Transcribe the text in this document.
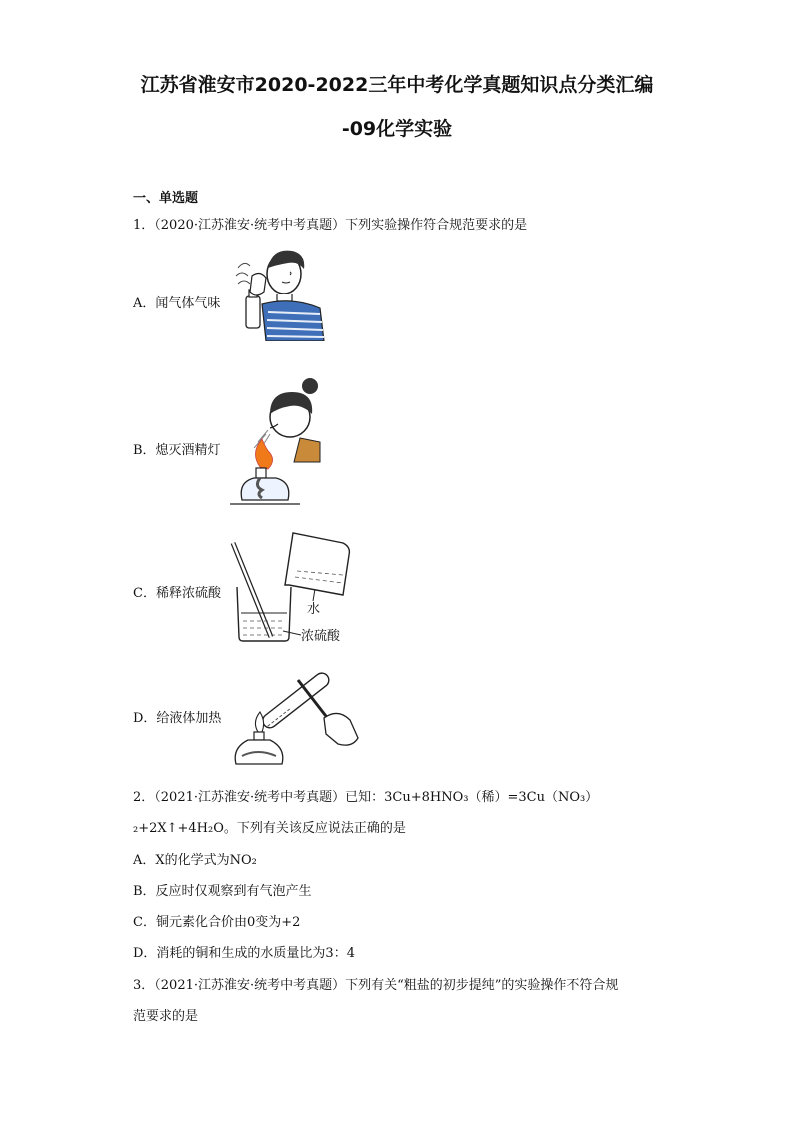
江苏省淮安市2020-2022三年中考化学真题知识点分类汇编
-09化学实验
一、单选题
1．（2020·江苏淮安·统考中考真题）下列实验操作符合规范要求的是
A．闻气体气味
B．熄灭酒精灯
C．稀释浓硫酸
水
浓硫酸
D．给液体加热
2．（2021·江苏淮安·统考中考真题）已知：3Cu+8HNO₃（稀）=3Cu（NO₃）
₂+2X↑+4H₂O。下列有关该反应说法正确的是
A．X的化学式为NO₂
B．反应时仅观察到有气泡产生
C．铜元素化合价由0变为+2
D．消耗的铜和生成的水质量比为3：4
3．（2021·江苏淮安·统考中考真题）下列有关“粗盐的初步提纯”的实验操作不符合规
范要求的是
